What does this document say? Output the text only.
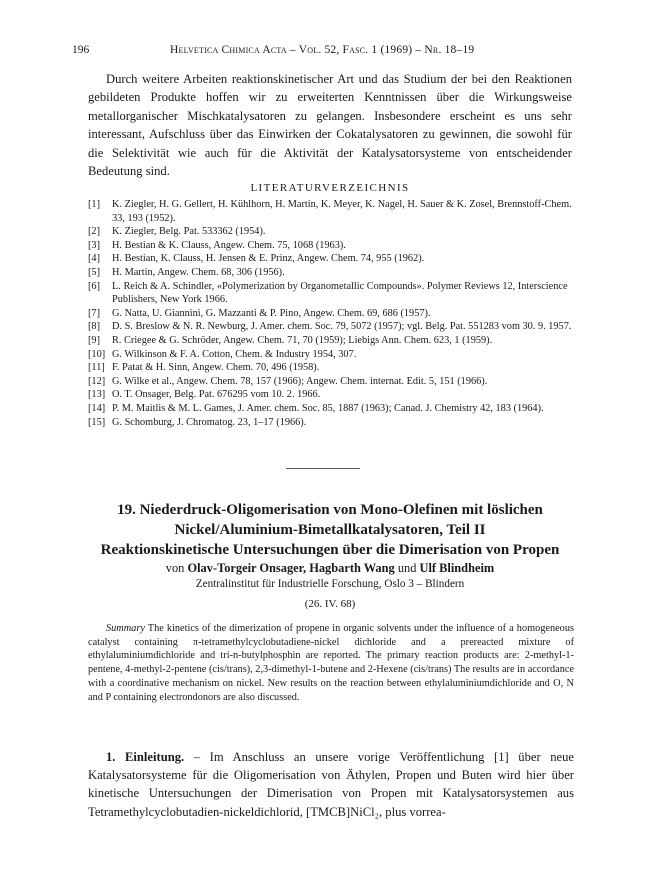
196	Helvetica Chimica Acta – Vol. 52, Fasc. 1 (1969) – Nr. 18–19

Durch weitere Arbeiten reaktionskinetischer Art und das Studium der bei den Reaktionen gebildeten Produkte hoffen wir zu erweiterten Kenntnissen über die Wirkungsweise metallorganischer Mischkatalysatoren zu gelangen. Insbesondere erscheint es uns sehr interessant, Aufschluss über das Einwirken der Cokatalysatoren zu gewinnen, die sowohl für die Selektivität wie auch für die Aktivität der Katalysatorsysteme von entscheidender Bedeutung sind.

LITERATURVERZEICHNIS
[1] K. Ziegler, H. G. Gellert, H. Kühlhorn, H. Martin, K. Meyer, K. Nagel, H. Sauer & K. Zosel, Brennstoff-Chem. 33, 193 (1952).
[2] K. Ziegler, Belg. Pat. 533362 (1954).
[3] H. Bestian & K. Clauss, Angew. Chem. 75, 1068 (1963).
[4] H. Bestian, K. Clauss, H. Jensen & E. Prinz, Angew. Chem. 74, 955 (1962).
[5] H. Martin, Angew. Chem. 68, 306 (1956).
[6] L. Reich & A. Schindler, «Polymerization by Organometallic Compounds». Polymer Reviews 12, Interscience Publishers, New York 1966.
[7] G. Natta, U. Giannini, G. Mazzanti & P. Pino, Angew. Chem. 69, 686 (1957).
[8] D. S. Breslow & N. R. Newburg, J. Amer. chem. Soc. 79, 5072 (1957); vgl. Belg. Pat. 551283 vom 30. 9. 1957.
[9] R. Criegee & G. Schröder, Angew. Chem. 71, 70 (1959); Liebigs Ann. Chem. 623, 1 (1959).
[10] G. Wilkinson & F. A. Cotton, Chem. & Industry 1954, 307.
[11] F. Patat & H. Sinn, Angew. Chem. 70, 496 (1958).
[12] G. Wilke et al., Angew. Chem. 78, 157 (1966); Angew. Chem. internat. Edit. 5, 151 (1966).
[13] O. T. Onsager, Belg. Pat. 676295 vom 10. 2. 1966.
[14] P. M. Maitlis & M. L. Games, J. Amer. chem. Soc. 85, 1887 (1963); Canad. J. Chemistry 42, 183 (1964).
[15] G. Schomburg, J. Chromatog. 23, 1–17 (1966).
19. Niederdruck-Oligomerisation von Mono-Olefinen mit löslichen
Nickel/Aluminium-Bimetallkatalysatoren, Teil II
Reaktionskinetische Untersuchungen über die Dimerisation von Propen
von Olav-Torgeir Onsager, Hagbarth Wang und Ulf Blindheim
Zentralinstitut für Industrielle Forschung, Oslo 3 – Blindern
(26. IV. 68)
Summary The kinetics of the dimerization of propene in organic solvents under the influence of a homogeneous catalyst containing π-tetramethylcyclobutadiene-nickel dichloride and a prereacted mixture of ethylaluminiumdichloride and tri-n-butylphosphin are reported. The primary reaction products are: 2-methyl-1-pentene, 4-methyl-2-pentene (cis/trans), 2,3-dimethyl-1-butene and 2-Hexene (cis/trans) The results are in accordance with a coordinative mechanism on nickel. New results on the reaction between ethylaluminiumdichloride and O, N and P containing electrondonors are also discussed.
1. Einleitung. – Im Anschluss an unsere vorige Veröffentlichung [1] über neue Katalysatorsysteme für die Oligomerisation von Äthylen, Propen und Buten wird hier über kinetische Untersuchungen der Dimerisation von Propen mit Katalysatorsystemen aus Tetramethylcyclobutadien-nickeldichlorid, [TMCB]NiCl₂, plus vorrea-
